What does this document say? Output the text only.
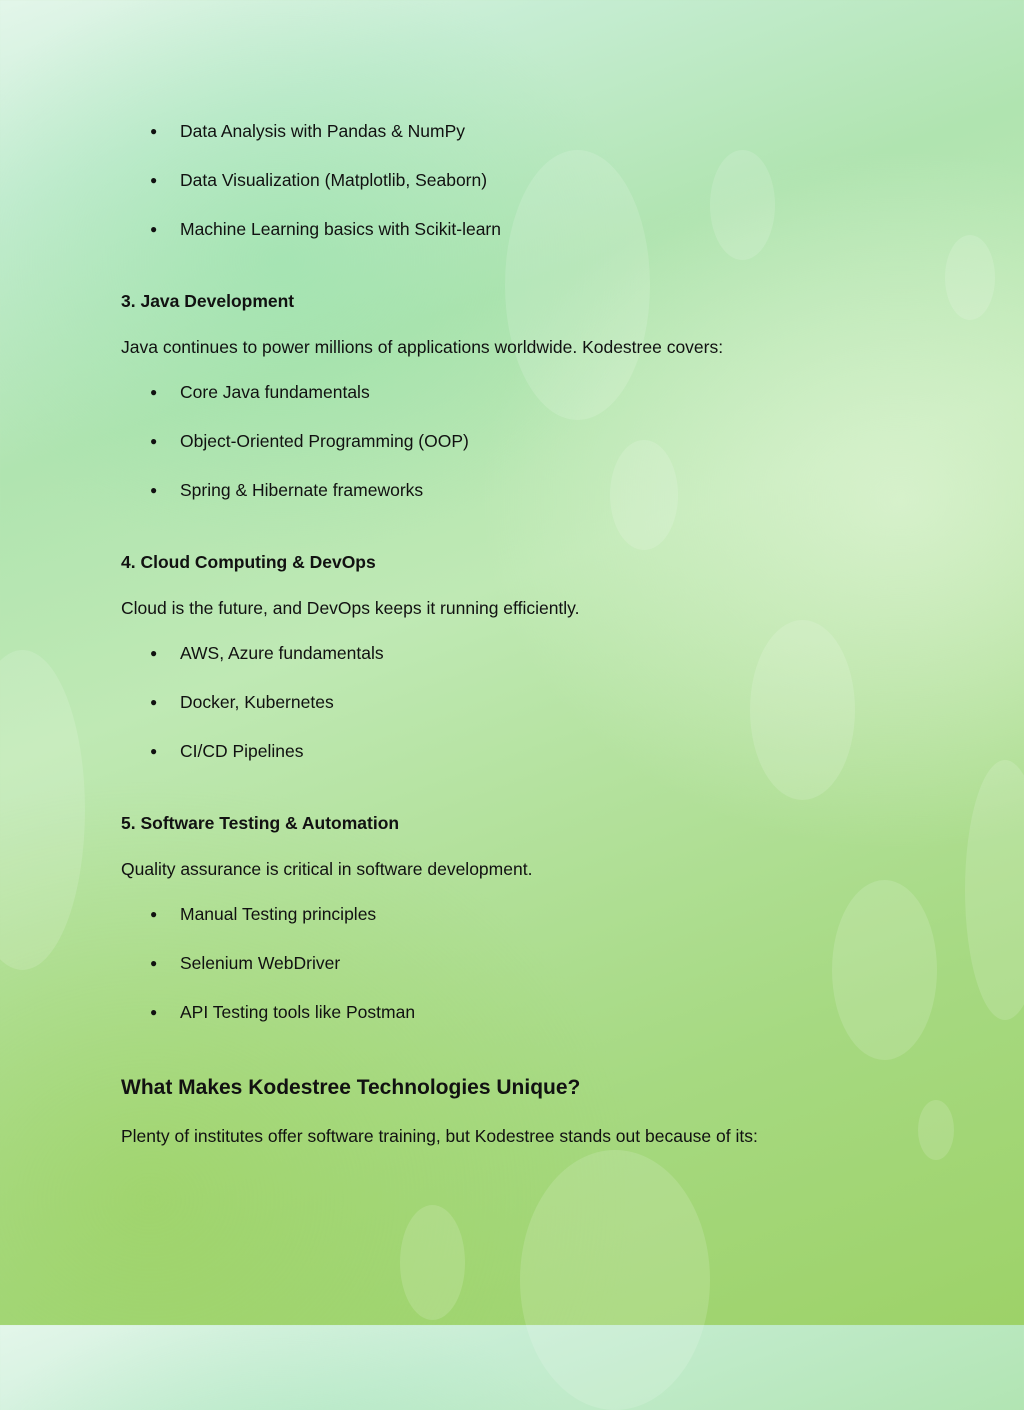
● Data Analysis with Pandas & NumPy
● Data Visualization (Matplotlib, Seaborn)
● Machine Learning basics with Scikit-learn
3. Java Development
Java continues to power millions of applications worldwide. Kodestree covers:
● Core Java fundamentals
● Object-Oriented Programming (OOP)
● Spring & Hibernate frameworks
4. Cloud Computing & DevOps
Cloud is the future, and DevOps keeps it running efficiently.
● AWS, Azure fundamentals
● Docker, Kubernetes
● CI/CD Pipelines
5. Software Testing & Automation
Quality assurance is critical in software development.
● Manual Testing principles
● Selenium WebDriver
● API Testing tools like Postman
What Makes Kodestree Technologies Unique?
Plenty of institutes offer software training, but Kodestree stands out because of its:
